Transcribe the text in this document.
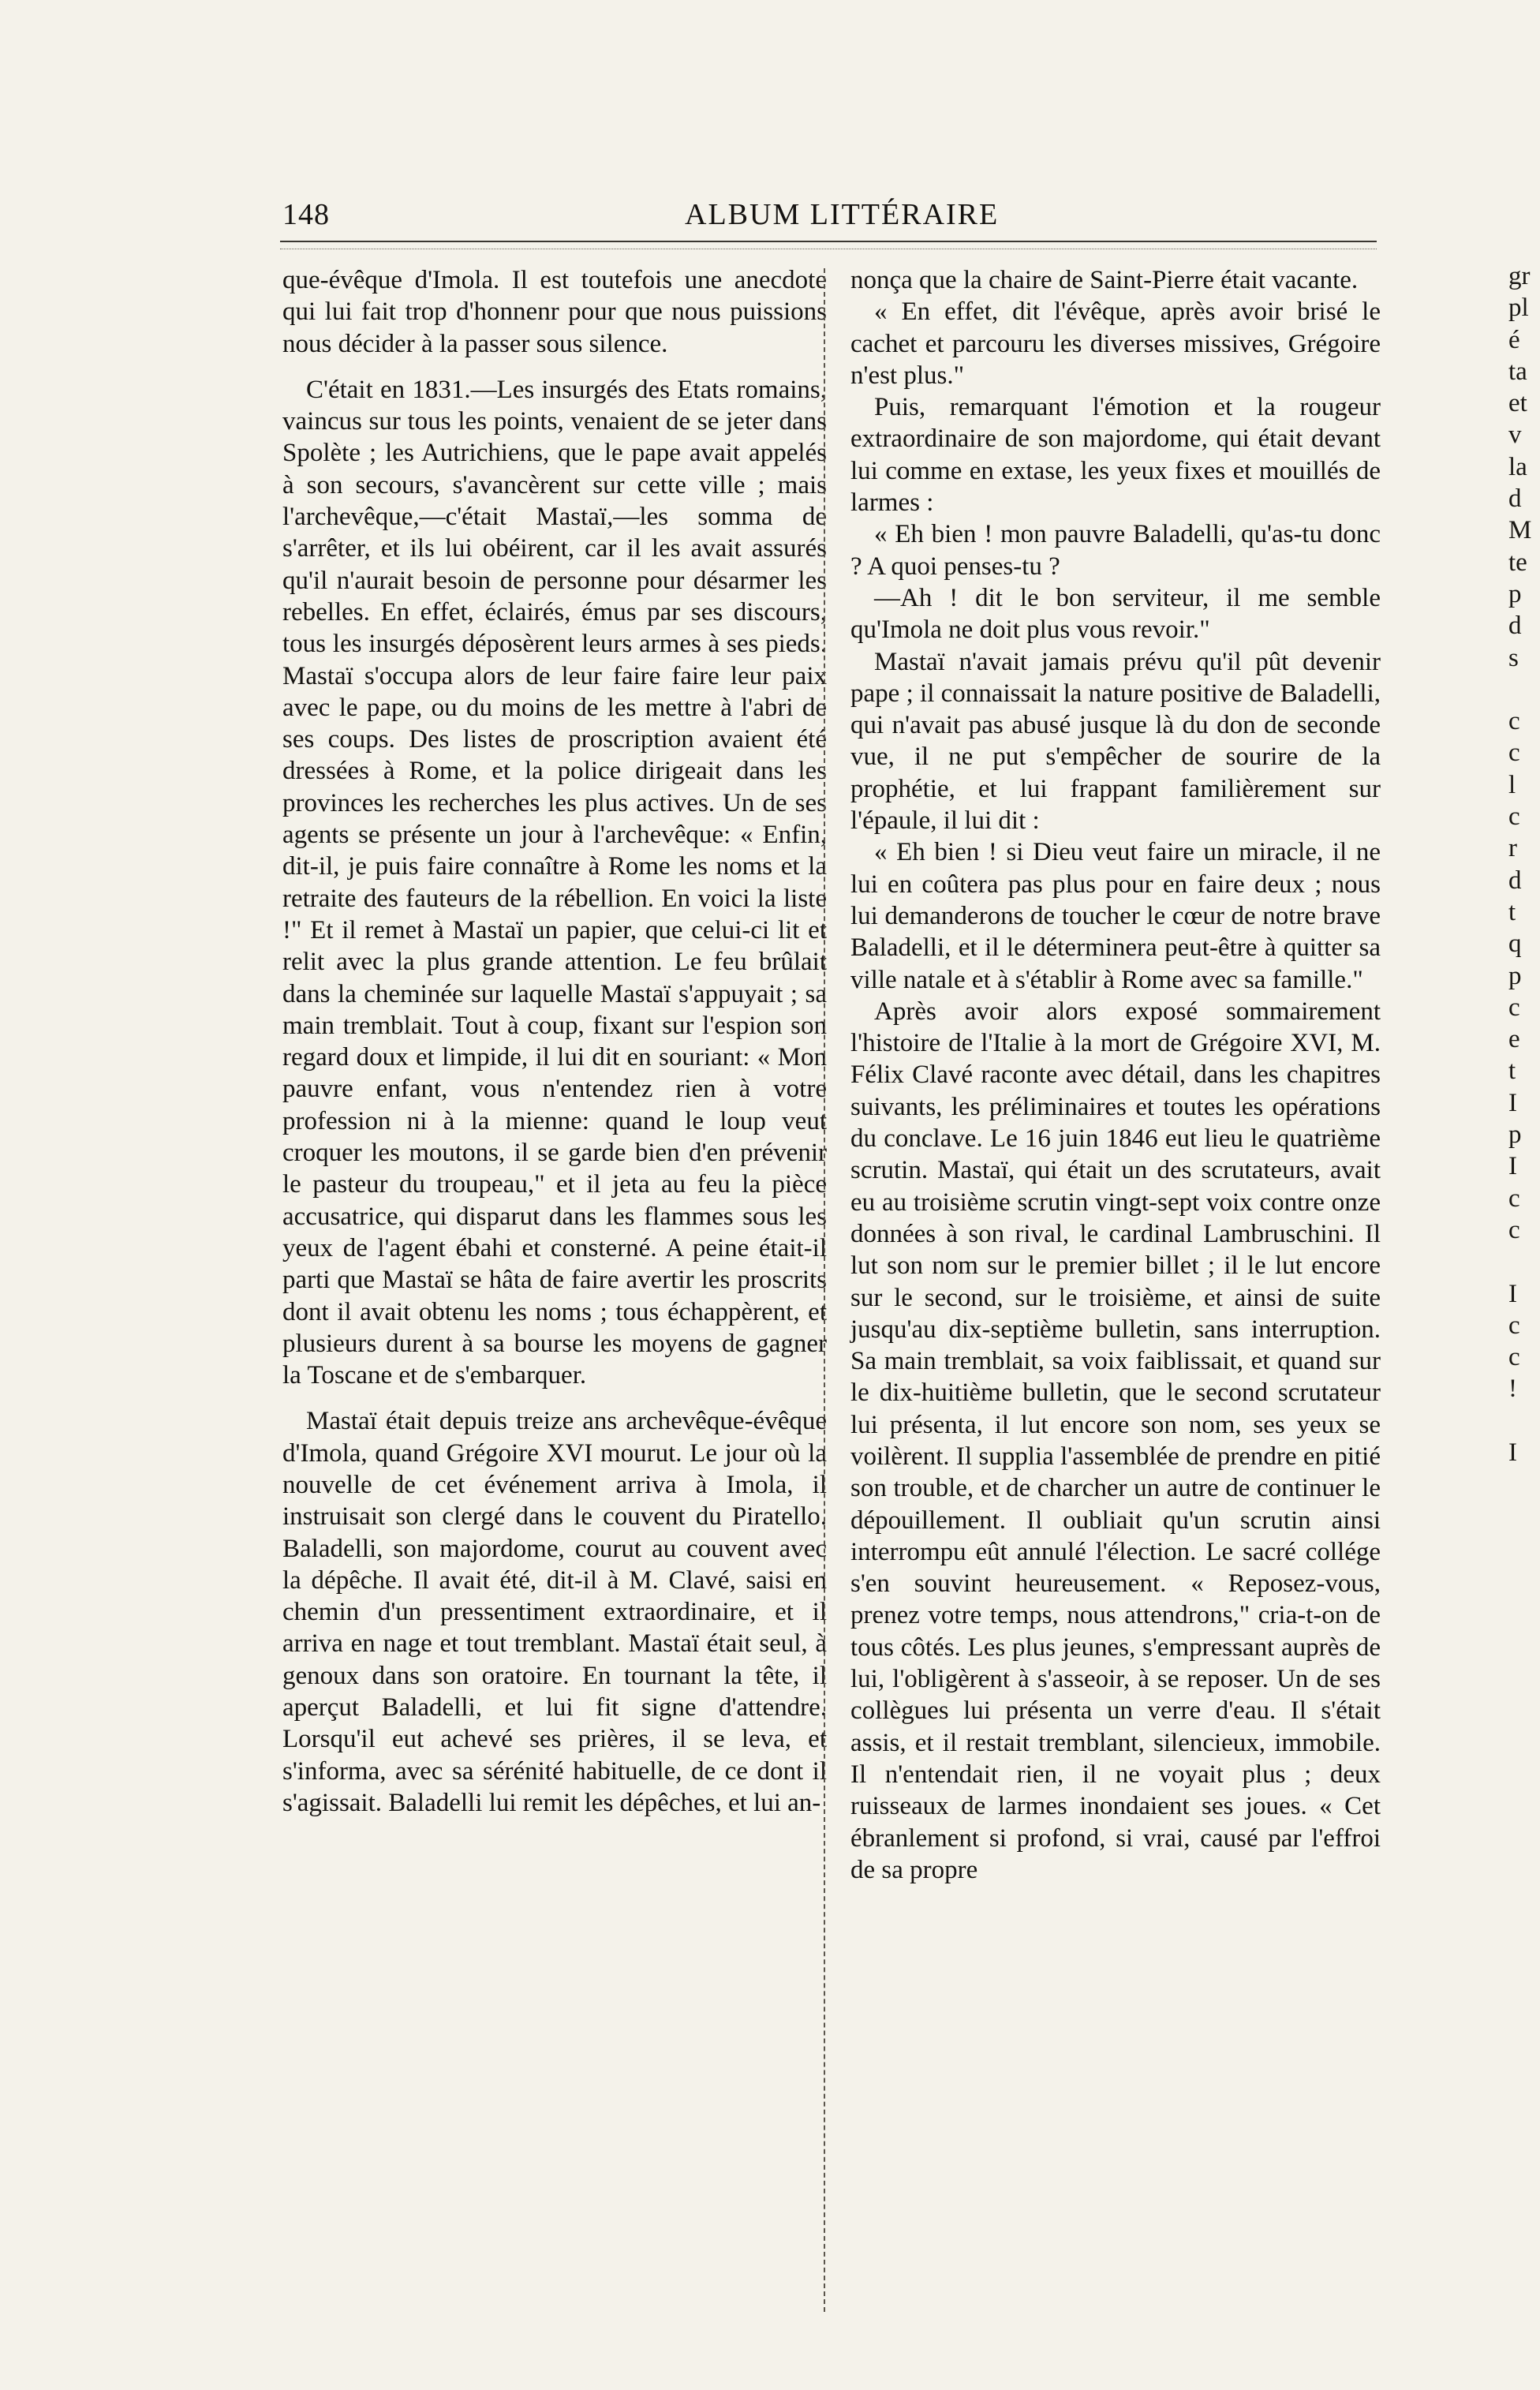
148	ALBUM LITTÉRAIRE

que-évêque d'Imola. Il est toutefois une anecdote qui lui fait trop d'honnenr pour que nous puissions nous décider à la passer sous silence.

C'était en 1831.—Les insurgés des Etats romains, vaincus sur tous les points, venaient de se jeter dans Spolète ; les Autrichiens, que le pape avait appelés à son secours, s'avancèrent sur cette ville ; mais l'archevêque,—c'était Mastaï,—les somma de s'arrêter, et ils lui obéirent, car il les avait assurés qu'il n'aurait besoin de personne pour désarmer les rebelles. En effet, éclairés, émus par ses discours, tous les insurgés déposèrent leurs armes à ses pieds. Mastaï s'occupa alors de leur faire faire leur paix avec le pape, ou du moins de les mettre à l'abri de ses coups. Des listes de proscription avaient été dressées à Rome, et la police dirigeait dans les provinces les recherches les plus actives. Un de ses agents se présente un jour à l'archevêque: « Enfin, dit-il, je puis faire connaître à Rome les noms et la retraite des fauteurs de la rébellion. En voici la liste !" Et il remet à Mastaï un papier, que celui-ci lit et relit avec la plus grande attention. Le feu brûlait dans la cheminée sur laquelle Mastaï s'appuyait ; sa main tremblait. Tout à coup, fixant sur l'espion son regard doux et limpide, il lui dit en souriant: « Mon pauvre enfant, vous n'entendez rien à votre profession ni à la mienne: quand le loup veut croquer les moutons, il se garde bien d'en prévenir le pasteur du troupeau," et il jeta au feu la pièce accusatrice, qui disparut dans les flammes sous les yeux de l'agent ébahi et consterné. A peine était-il parti que Mastaï se hâta de faire avertir les proscrits dont il avait obtenu les noms ; tous échappèrent, et plusieurs durent à sa bourse les moyens de gagner la Toscane et de s'embarquer.

Mastaï était depuis treize ans archevêque-évêque d'Imola, quand Grégoire XVI mourut. Le jour où la nouvelle de cet événement arriva à Imola, il instruisait son clergé dans le couvent du Piratello. Baladelli, son majordome, courut au couvent avec la dépêche. Il avait été, dit-il à M. Clavé, saisi en chemin d'un pressentiment extraordinaire, et il arriva en nage et tout tremblant. Mastaï était seul, à genoux dans son oratoire. En tournant la tête, il aperçut Baladelli, et lui fit signe d'attendre. Lorsqu'il eut achevé ses prières, il se leva, et s'informa, avec sa sérénité habituelle, de ce dont il s'agissait. Baladelli lui remit les dépêches, et lui an-

nonça que la chaire de Saint-Pierre était vacante.

« En effet, dit l'évêque, après avoir brisé le cachet et parcouru les diverses missives, Grégoire n'est plus."

Puis, remarquant l'émotion et la rougeur extraordinaire de son majordome, qui était devant lui comme en extase, les yeux fixes et mouillés de larmes :

« Eh bien ! mon pauvre Baladelli, qu'as-tu donc ? A quoi penses-tu ?

—Ah ! dit le bon serviteur, il me semble qu'Imola ne doit plus vous revoir."

Mastaï n'avait jamais prévu qu'il pût devenir pape ; il connaissait la nature positive de Baladelli, qui n'avait pas abusé jusque là du don de seconde vue, il ne put s'empêcher de sourire de la prophétie, et lui frappant familièrement sur l'épaule, il lui dit :

« Eh bien ! si Dieu veut faire un miracle, il ne lui en coûtera pas plus pour en faire deux ; nous lui demanderons de toucher le cœur de notre brave Baladelli, et il le déterminera peut-être à quitter sa ville natale et à s'établir à Rome avec sa famille."

Après avoir alors exposé sommairement l'histoire de l'Italie à la mort de Grégoire XVI, M. Félix Clavé raconte avec détail, dans les chapitres suivants, les préliminaires et toutes les opérations du conclave. Le 16 juin 1846 eut lieu le quatrième scrutin. Mastaï, qui était un des scrutateurs, avait eu au troisième scrutin vingt-sept voix contre onze données à son rival, le cardinal Lambruschini. Il lut son nom sur le premier billet ; il le lut encore sur le second, sur le troisième, et ainsi de suite jusqu'au dix-septième bulletin, sans interruption. Sa main tremblait, sa voix faiblissait, et quand sur le dix-huitième bulletin, que le second scrutateur lui présenta, il lut encore son nom, ses yeux se voilèrent. Il supplia l'assemblée de prendre en pitié son trouble, et de charcher un autre de continuer le dépouillement. Il oubliait qu'un scrutin ainsi interrompu eût annulé l'élection. Le sacré collége s'en souvint heureusement. « Reposez-vous, prenez votre temps, nous attendrons," cria-t-on de tous côtés. Les plus jeunes, s'empressant auprès de lui, l'obligèrent à s'asseoir, à se reposer. Un de ses collègues lui présenta un verre d'eau. Il s'était assis, et il restait tremblant, silencieux, immobile. Il n'entendait rien, il ne voyait plus ; deux ruisseaux de larmes inondaient ses joues. « Cet ébranlement si profond, si vrai, causé par l'effroi de sa propre

gr
pl
é
ta
et
v
la
d
M
te
p
d
s
c
c
l
c
r
d
t
q
p
c
e
t
I
p
I
c
c
I
c
c
!
I
